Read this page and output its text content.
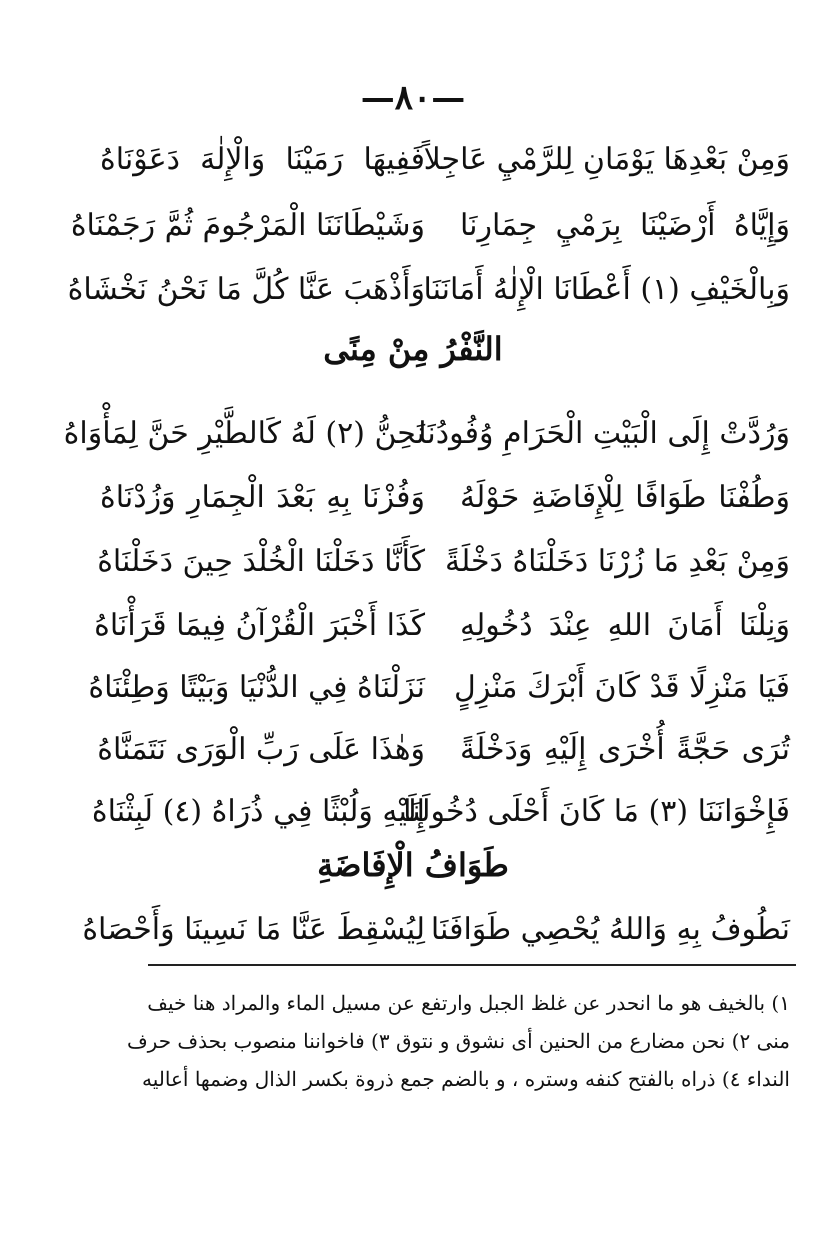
—٨٠—
وَمِنْ بَعْدِهَا يَوْمَانِ لِلرَّمْيِ عَاجِلاً
فَفِيهَا رَمَيْنَا وَالْإِلٰهَ دَعَوْنَاهُ
وَإِيَّاهُ أَرْضَيْنَا بِرَمْيِ جِمَارِنَا
وَشَيْطَانَنَا الْمَرْجُومَ ثُمَّ رَجَمْنَاهُ
وَبِالْخَيْفِ (١) أَعْطَانَا الْإِلٰهُ أَمَانَنَا
وَأَذْهَبَ عَنَّا كُلَّ مَا نَحْنُ نَخْشَاهُ
النَّفْرُ مِنْ مِنًى
وَرُدَّتْ إِلَى الْبَيْتِ الْحَرَامِ وُفُودُنَا
نَحِنُّ (٢) لَهُ كَالطَّيْرِ حَنَّ لِمَأْوَاهُ
وَطُفْنَا طَوَافًا لِلْإِفَاضَةِ حَوْلَهُ
وَفُزْنَا بِهِ بَعْدَ الْجِمَارِ وَزُدْنَاهُ
وَمِنْ بَعْدِ مَا زُرْنَا دَخَلْنَاهُ دَخْلَةً
كَأَنَّا دَخَلْنَا الْخُلْدَ حِينَ دَخَلْنَاهُ
وَنِلْنَا أَمَانَ اللهِ عِنْدَ دُخُولِهِ
كَذَا أَخْبَرَ الْقُرْآنُ فِيمَا قَرَأْنَاهُ
فَيَا مَنْزِلًا قَدْ كَانَ أَبْرَكَ مَنْزِلٍ
نَزَلْنَاهُ فِي الدُّنْيَا وَبَيْتًا وَطِئْنَاهُ
تُرَى حَجَّةً أُخْرَى إِلَيْهِ وَدَخْلَةً
وَهٰذَا عَلَى رَبِّ الْوَرَى نَتَمَنَّاهُ
فَإِخْوَانَنَا (٣) مَا كَانَ أَحْلَى دُخُولَنَا
إِلَيْهِ وَلُبْثًا فِي ذُرَاهُ (٤) لَبِثْنَاهُ
طَوَافُ الْإِفَاضَةِ
نَطُوفُ بِهِ وَاللهُ يُحْصِي طَوَافَنَا
لِيُسْقِطَ عَنَّا مَا نَسِينَا وَأَحْصَاهُ
١) بالخيف هو ما انحدر عن غلظ الجبل وارتفع عن مسيل الماء والمراد هنا خيف
منى ٢) نحن مضارع من الحنين أى نشوق و نتوق ٣) فاخواننا منصوب بحذف حرف
النداء ٤) ذراه بالفتح كنفه وستره ، و بالضم جمع ذروة بكسر الذال وضمها أعاليه
